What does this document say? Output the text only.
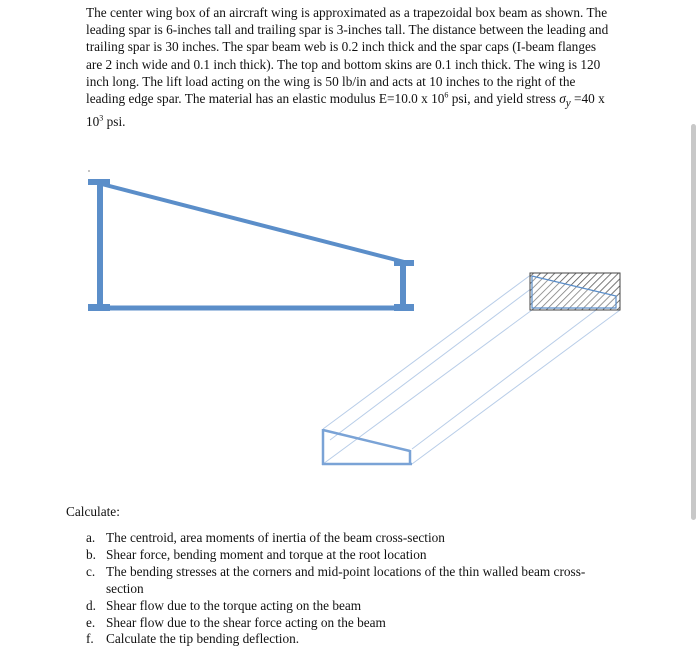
The center wing box of an aircraft wing is approximated as a trapezoidal box beam as shown. The leading spar is 6-inches tall and trailing spar is 3-inches tall. The distance between the leading and trailing spar is 30 inches. The spar beam web is 0.2 inch thick and the spar caps (I-beam flanges are 2 inch wide and 0.1 inch thick). The top and bottom skins are 0.1 inch thick. The wing is 120 inch long. The lift load acting on the wing is 50 lb/in and acts at 10 inches to the right of the leading edge spar. The material has an elastic modulus E=10.0 x $10^6$ psi, and yield stress $\sigma_y =40$ x $10^3$ psi.

Calculate:

a. The centroid, area moments of inertia of the beam cross-section
b. Shear force, bending moment and torque at the root location
c. The bending stresses at the corners and mid-point locations of the thin walled beam cross-section
d. Shear flow due to the torque acting on the beam
e. Shear flow due to the shear force acting on the beam
f. Calculate the tip bending deflection.
